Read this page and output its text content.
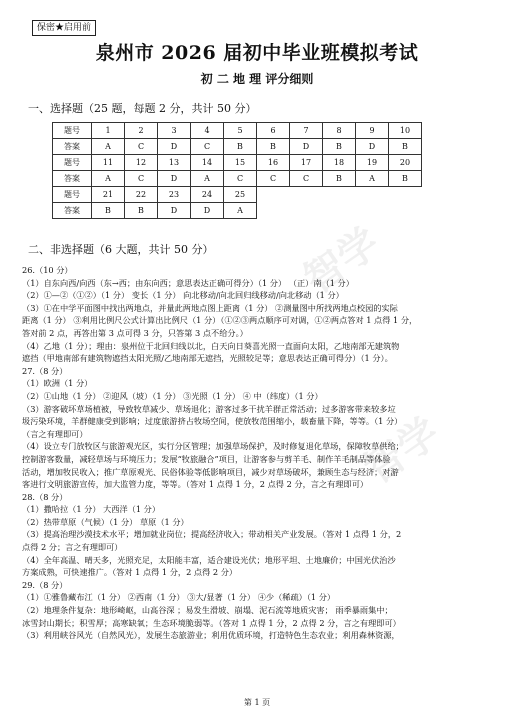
智学
智学
保密★启用前
泉州市 2026 届初中毕业班模拟考试
初 二 地 理 评分细则
一、选择题（25 题，每题 2 分，共计 50 分）
题号	1	2	3	4	5	6	7	8	9	10
答案	A	C	D	C	B	B	D	B	D	B
题号	11	12	13	14	15	16	17	18	19	20
答案	A	C	D	A	C	C	C	B	A	B
题号	21	22	23	24	25					
答案	B	B	D	D	A					
二、非选择题（6 大题，共计 50 分）

26.（10 分）

（1）自东向西/向西（东→西；由东向西；意思表达正确可得分）（1 分） （正）南（1 分）

（2）①—②（①②）（1 分） 变长（1 分） 向北移动/向北回归线移动/向北移动（1 分）

（3）①在中学平面图中找出两地点，并量此两地点图上距离（1 分） ②测量图中所找两地点校园的实际

距离（1 分） ③利用比例尺公式计算出比例尺（1 分）（①②③两点顺序可对调，①②两点答对 1 点得 1 分，

答对前 2 点，再答出第 3 点可得 3 分，只答第 3 点不给分。）

（4）乙地（1 分）；理由：泉州位于北回归线以北，白天向日葵喜光照一直面向太阳，乙地南部无建筑物

遮挡（甲地南部有建筑物遮挡太阳光照/乙地南部无遮挡，光照较足等；意思表达正确可得分）（1 分）。

27.（8 分）

（1）欧洲（1 分）

（2）①山地（1 分） ②迎风（坡）（1 分） ③光照（1 分） ④ 中（纬度）（1 分）

（3）游客破坏草场植被，导致牧草减少、草场退化；游客过多干扰羊群正常活动；过多游客带来较多垃

圾污染环境，羊群健康受到影响；过度旅游挤占牧场空间，使放牧范围缩小，载畜量下降，等等。（1 分）

（言之有理即可）

（4）设立专门放牧区与旅游观光区，实行分区管理；加强草场保护，及时修复退化草场，保障牧草供给；

控制游客数量，减轻草场与环境压力；发展“牧旅融合”项目，让游客参与剪羊毛、制作羊毛制品等体验

活动，增加牧民收入；推广草原观光、民俗体验等低影响项目，减少对草场破坏，兼顾生态与经济；对游

客进行文明旅游宣传，加大监管力度，等等。（答对 1 点得 1 分，2 点得 2 分，言之有理即可）

28.（8 分）

（1）撒哈拉（1 分） 大西洋（1 分）

（2）热带草原（气候）（1 分） 草原（1 分）

（3）提高治理沙漠技术水平；增加就业岗位；提高经济收入；带动相关产业发展。（答对 1 点得 1 分，2

点得 2 分；言之有理即可）

（4）全年高温、晴天多，光照充足，太阳能丰富，适合建设光伏；地形平坦、土地廉价；中国光伏治沙

方案成熟，可快速推广。（答对 1 点得 1 分，2 点得 2 分）

29.（8 分）

（1）①雅鲁藏布江（1 分） ②西南（1 分） ③大/显著（1 分） ④少（稀疏）（1 分）

（2）地理条件复杂：地形崎岖，山高谷深 ；易发生滑坡、崩塌、泥石流等地质灾害； 雨季暴雨集中；

冰雪封山期长；积雪厚；高寒缺氧；生态环境脆弱等。（答对 1 点得 1 分，2 点得 2 分，言之有理即可）

（3）利用峡谷风光（自然风光），发展生态旅游业；利用优质环境，打造特色生态农业；利用森林资源，

第 1 页
